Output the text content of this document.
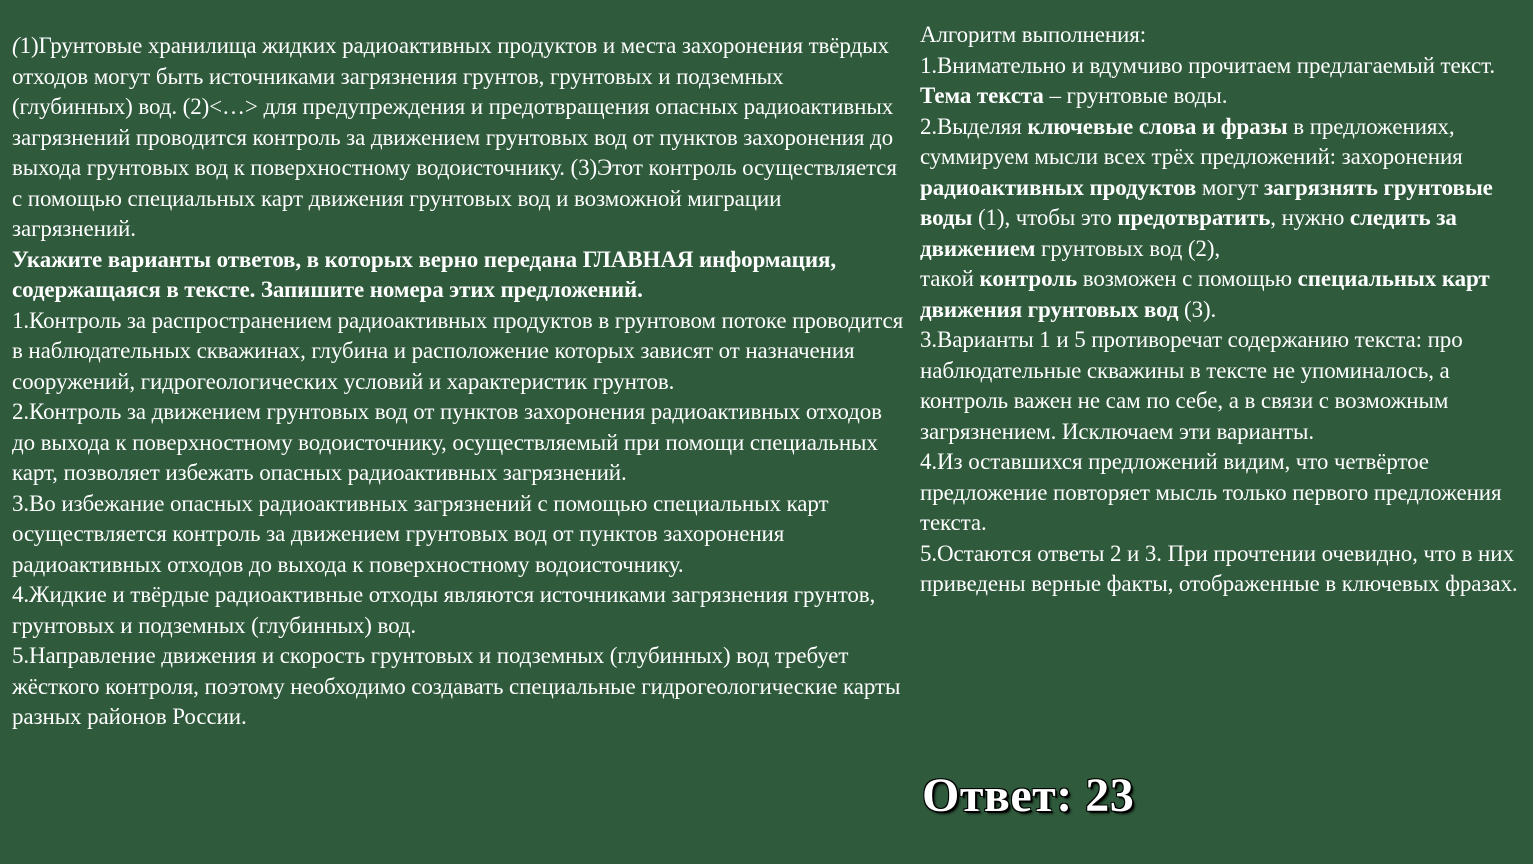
(1)Грунтовые хранилища жидких радиоактивных продуктов и места захоронения твёрдых отходов могут быть источниками загрязнения грунтов, грунтовых и подземных (глубинных) вод. (2)<…> для предупреждения и предотвращения опасных радиоактивных загрязнений проводится контроль за движением грунтовых вод от пунктов захоронения до выхода грунтовых вод к поверхностному водоисточнику. (3)Этот контроль осуществляется с помощью специальных карт движения грунтовых вод и возможной миграции загрязнений.

Укажите варианты ответов, в которых верно передана ГЛАВНАЯ информация, содержащаяся в тексте. Запишите номера этих предложений.

1.Контроль за распространением радиоактивных продуктов в грунтовом потоке проводится в наблюдательных скважинах, глубина и расположение которых зависят от назначения сооружений, гидрогеологических условий и характеристик грунтов.

2.Контроль за движением грунтовых вод от пунктов захоронения радиоактивных отходов до выхода к поверхностному водоисточнику, осуществляемый при помощи специальных карт, позволяет избежать опасных радиоактивных загрязнений.

3.Во избежание опасных радиоактивных загрязнений с помощью специальных карт осуществляется контроль за движением грунтовых вод от пунктов захоронения радиоактивных отходов до выхода к поверхностному водоисточнику.

4.Жидкие и твёрдые радиоактивные отходы являются источниками загрязнения грунтов, грунтовых и подземных (глубинных) вод.

5.Направление движения и скорость грунтовых и подземных (глубинных) вод требует жёсткого контроля, поэтому необходимо создавать специальные гидрогеологические карты разных районов России.

Алгоритм выполнения:

1.Внимательно и вдумчиво прочитаем предлагаемый текст. Тема текста – грунтовые воды.

2.Выделяя ключевые слова и фразы в предложениях, суммируем мысли всех трёх предложений: захоронения радиоактивных продуктов могут загрязнять грунтовые воды (1), чтобы это предотвратить, нужно следить за движением грунтовых вод (2),
такой контроль возможен с помощью специальных карт движения грунтовых вод (3).

3.Варианты 1 и 5 противоречат содержанию текста: про наблюдательные скважины в тексте не упоминалось, а контроль важен не сам по себе, а в связи с возможным загрязнением. Исключаем эти варианты.

4.Из оставшихся предложений видим, что четвёртое предложение повторяет мысль только первого предложения текста.

5.Остаются ответы 2 и 3. При прочтении очевидно, что в них приведены верные факты, отображенные в ключевых фразах.

Ответ: 23
